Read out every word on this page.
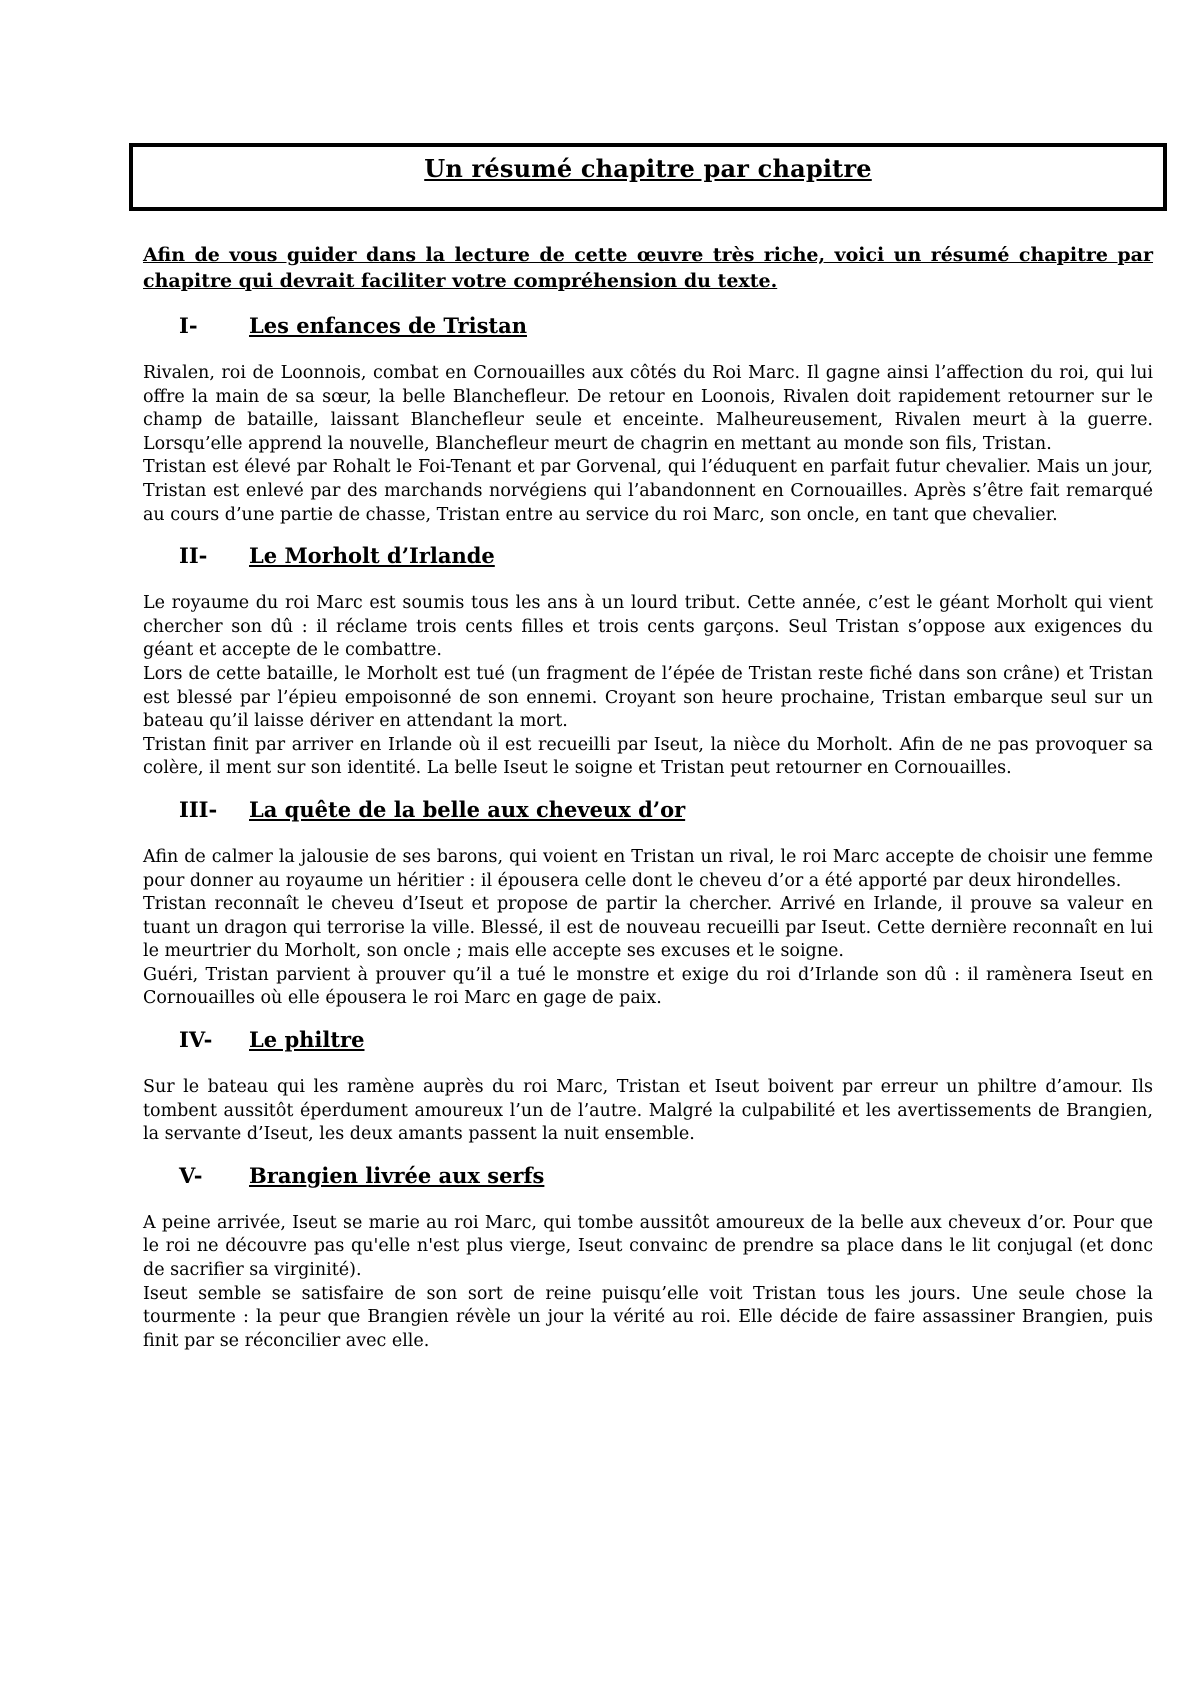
Un résumé chapitre par chapitre

Afin de vous guider dans la lecture de cette œuvre très riche, voici un résumé chapitre par chapitre qui devrait faciliter votre compréhension du texte.

I-	Les enfances de Tristan

Rivalen, roi de Loonnois, combat en Cornouailles aux côtés du Roi Marc. Il gagne ainsi l’affection du roi, qui lui offre la main de sa sœur, la belle Blanchefleur. De retour en Loonois, Rivalen doit rapidement retourner sur le champ de bataille, laissant Blanchefleur seule et enceinte. Malheureusement, Rivalen meurt à la guerre. Lorsqu’elle apprend la nouvelle, Blanchefleur meurt de chagrin en mettant au monde son fils, Tristan.

Tristan est élevé par Rohalt le Foi-Tenant et par Gorvenal, qui l’éduquent en parfait futur chevalier. Mais un jour, Tristan est enlevé par des marchands norvégiens qui l’abandonnent en Cornouailles. Après s’être fait remarqué au cours d’une partie de chasse, Tristan entre au service du roi Marc, son oncle, en tant que chevalier.

II-	Le Morholt d’Irlande

Le royaume du roi Marc est soumis tous les ans à un lourd tribut. Cette année, c’est le géant Morholt qui vient chercher son dû : il réclame trois cents filles et trois cents garçons. Seul Tristan s’oppose aux exigences du géant et accepte de le combattre.

Lors de cette bataille, le Morholt est tué (un fragment de l’épée de Tristan reste fiché dans son crâne) et Tristan est blessé par l’épieu empoisonné de son ennemi. Croyant son heure prochaine, Tristan embarque seul sur un bateau qu’il laisse dériver en attendant la mort.

Tristan finit par arriver en Irlande où il est recueilli par Iseut, la nièce du Morholt. Afin de ne pas provoquer sa colère, il ment sur son identité. La belle Iseut le soigne et Tristan peut retourner en Cornouailles.

III-	La quête de la belle aux cheveux d’or

Afin de calmer la jalousie de ses barons, qui voient en Tristan un rival, le roi Marc accepte de choisir une femme pour donner au royaume un héritier : il épousera celle dont le cheveu d’or a été apporté par deux hirondelles.

Tristan reconnaît le cheveu d’Iseut et propose de partir la chercher. Arrivé en Irlande, il prouve sa valeur en tuant un dragon qui terrorise la ville. Blessé, il est de nouveau recueilli par Iseut. Cette dernière reconnaît en lui le meurtrier du Morholt, son oncle ; mais elle accepte ses excuses et le soigne.

Guéri, Tristan parvient à prouver qu’il a tué le monstre et exige du roi d’Irlande son dû : il ramènera Iseut en Cornouailles où elle épousera le roi Marc en gage de paix.

IV-	Le philtre

Sur le bateau qui les ramène auprès du roi Marc, Tristan et Iseut boivent par erreur un philtre d’amour. Ils tombent aussitôt éperdument amoureux l’un de l’autre. Malgré la culpabilité et les avertissements de Brangien, la servante d’Iseut, les deux amants passent la nuit ensemble.

V-	Brangien livrée aux serfs

A peine arrivée, Iseut se marie au roi Marc, qui tombe aussitôt amoureux de la belle aux cheveux d’or. Pour que le roi ne découvre pas qu'elle n'est plus vierge, Iseut convainc de prendre sa place dans le lit conjugal (et donc de sacrifier sa virginité).

Iseut semble se satisfaire de son sort de reine puisqu’elle voit Tristan tous les jours. Une seule chose la tourmente : la peur que Brangien révèle un jour la vérité au roi. Elle décide de faire assassiner Brangien, puis finit par se réconcilier avec elle.
